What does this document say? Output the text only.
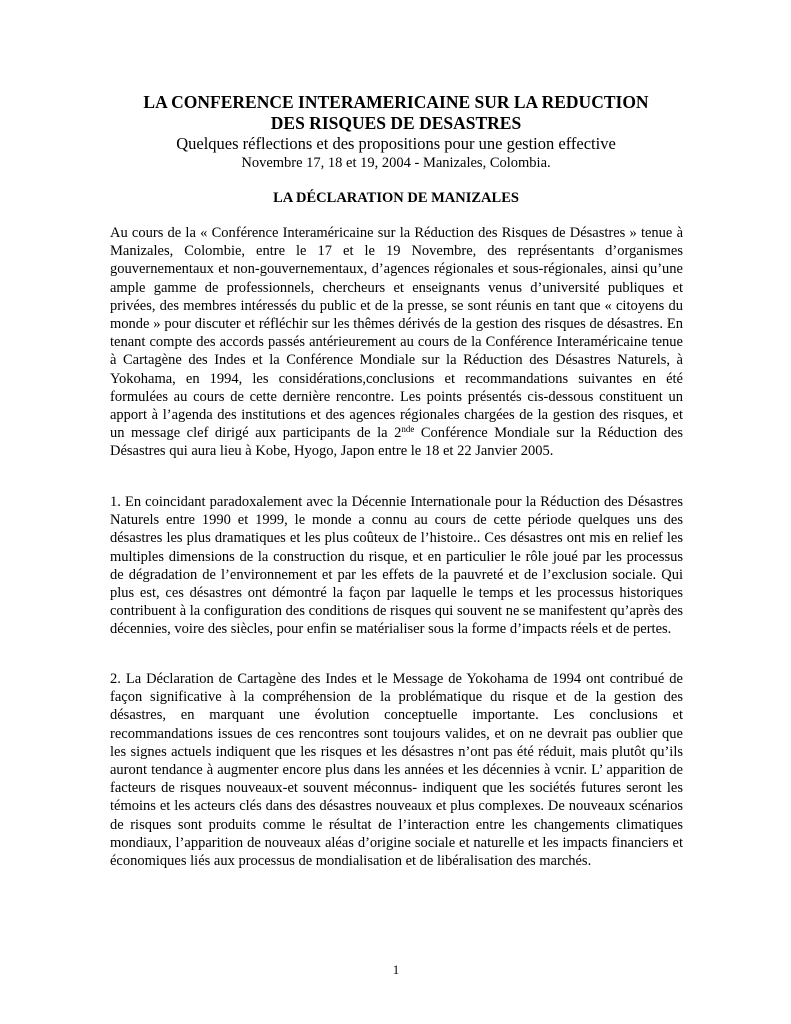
LA CONFERENCE INTERAMERICAINE SUR LA REDUCTION

DES RISQUES DE DESASTRES

Quelques réflections et des propositions pour une gestion effective

Novembre 17, 18 et 19, 2004 - Manizales, Colombia.

LA DÉCLARATION DE MANIZALES

Au cours de la « Conférence Interaméricaine sur la Réduction des Risques de Désastres » tenue à Manizales, Colombie, entre le 17 et le 19 Novembre, des représentants d’organismes gouvernementaux et non-gouvernementaux, d’agences régionales et sous-régionales, ainsi qu’une ample gamme de professionnels, chercheurs et enseignants venus d’université publiques et privées, des membres intéressés du public et de la presse, se sont réunis en tant que « citoyens du monde » pour discuter et réfléchir sur les thêmes dérivés de la gestion des risques de désastres. En tenant compte des accords passés antérieurement au cours de la Conférence Interaméricaine tenue à Cartagène des Indes et la Conférence Mondiale sur la Réduction des Désastres Naturels, à Yokohama, en 1994, les considérations,conclusions et recommandations suivantes en été formulées au cours de cette dernière rencontre. Les points présentés cis-dessous constituent un apport à l’agenda des institutions et des agences régionales chargées de la gestion des risques, et un message clef dirigé aux participants de la 2nde Conférence Mondiale sur la Réduction des Désastres qui aura lieu à Kobe, Hyogo, Japon entre le 18 et 22 Janvier 2005.

1. En coincidant paradoxalement avec la Décennie Internationale pour la Réduction des Désastres Naturels entre 1990 et 1999, le monde a connu au cours de cette période quelques uns des désastres les plus dramatiques et les plus coûteux de l’histoire.. Ces désastres ont mis en relief les multiples dimensions de la construction du risque, et en particulier le rôle joué par les processus de dégradation de l’environnement et par les effets de la pauvreté et de l’exclusion sociale. Qui plus est, ces désastres ont démontré la façon par laquelle le temps et les processus historiques contribuent à la configuration des conditions de risques qui souvent ne se manifestent qu’après des décennies, voire des siècles, pour enfin se matérialiser sous la forme d’impacts réels et de pertes.

2. La Déclaration de Cartagène des Indes et le Message de Yokohama de 1994 ont contribué de façon significative à la compréhension de la problématique du risque et de la gestion des désastres, en marquant une évolution conceptuelle importante. Les conclusions et recommandations issues de ces rencontres sont toujours valides, et on ne devrait pas oublier que les signes actuels indiquent que les risques et les désastres n’ont pas été réduit, mais plutôt qu’ils auront tendance à augmenter encore plus dans les années et les décennies à vcnir. L’ apparition de facteurs de risques nouveaux-et souvent méconnus- indiquent que les sociétés futures seront les témoins et les acteurs clés dans des désastres nouveaux et plus complexes. De nouveaux scénarios de risques sont produits comme le résultat de l’interaction entre les changements climatiques mondiaux, l’apparition de nouveaux aléas d’origine sociale et naturelle et les impacts financiers et économiques liés aux processus de mondialisation et de libéralisation des marchés.

1
